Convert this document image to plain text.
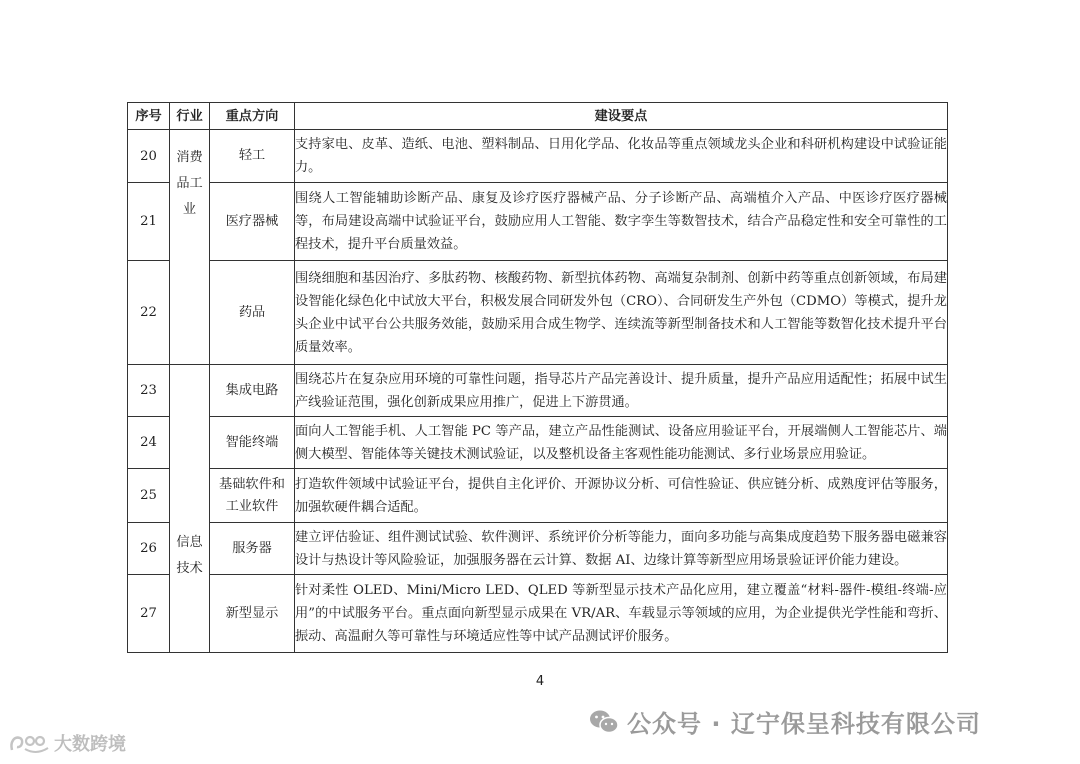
序号	行业	重点方向	建设要点
20	消费品工业	轻工	支持家电、皮革、造纸、电池、塑料制品、日用化学品、化妆品等重点领域龙头企业和科研机构建设中试验证能力。
21		医疗器械	围绕人工智能辅助诊断产品、康复及诊疗医疗器械产品、分子诊断产品、高端植介入产品、中医诊疗医疗器械等，布局建设高端中试验证平台，鼓励应用人工智能、数字孪生等数智技术，结合产品稳定性和安全可靠性的工程技术，提升平台质量效益。
22		药品	围绕细胞和基因治疗、多肽药物、核酸药物、新型抗体药物、高端复杂制剂、创新中药等重点创新领域，布局建设智能化绿色化中试放大平台，积极发展合同研发外包（CRO）、合同研发生产外包（CDMO）等模式，提升龙头企业中试平台公共服务效能，鼓励采用合成生物学、连续流等新型制备技术和人工智能等数智化技术提升平台质量效率。
23	信息技术	集成电路	围绕芯片在复杂应用环境的可靠性问题，指导芯片产品完善设计、提升质量，提升产品应用适配性；拓展中试生产线验证范围，强化创新成果应用推广，促进上下游贯通。
24		智能终端	面向人工智能手机、人工智能 PC 等产品，建立产品性能测试、设备应用验证平台，开展端侧人工智能芯片、端侧大模型、智能体等关键技术测试验证，以及整机设备主客观性能功能测试、多行业场景应用验证。
25		基础软件和工业软件	打造软件领域中试验证平台，提供自主化评价、开源协议分析、可信性验证、供应链分析、成熟度评估等服务，加强软硬件耦合适配。
26		服务器	建立评估验证、组件测试试验、软件测评、系统评价分析等能力，面向多功能与高集成度趋势下服务器电磁兼容设计与热设计等风险验证，加强服务器在云计算、数据 AI、边缘计算等新型应用场景验证评价能力建设。
27		新型显示	针对柔性 OLED、Mini/Micro LED、QLED 等新型显示技术产品化应用，建立覆盖“材料-器件-模组-终端-应用”的中试服务平台。重点面向新型显示成果在 VR/AR、车载显示等领域的应用，为企业提供光学性能和弯折、振动、高温耐久等可靠性与环境适应性等中试产品测试评价服务。
4
公众号 · 辽宁保呈科技有限公司
大数跨境
